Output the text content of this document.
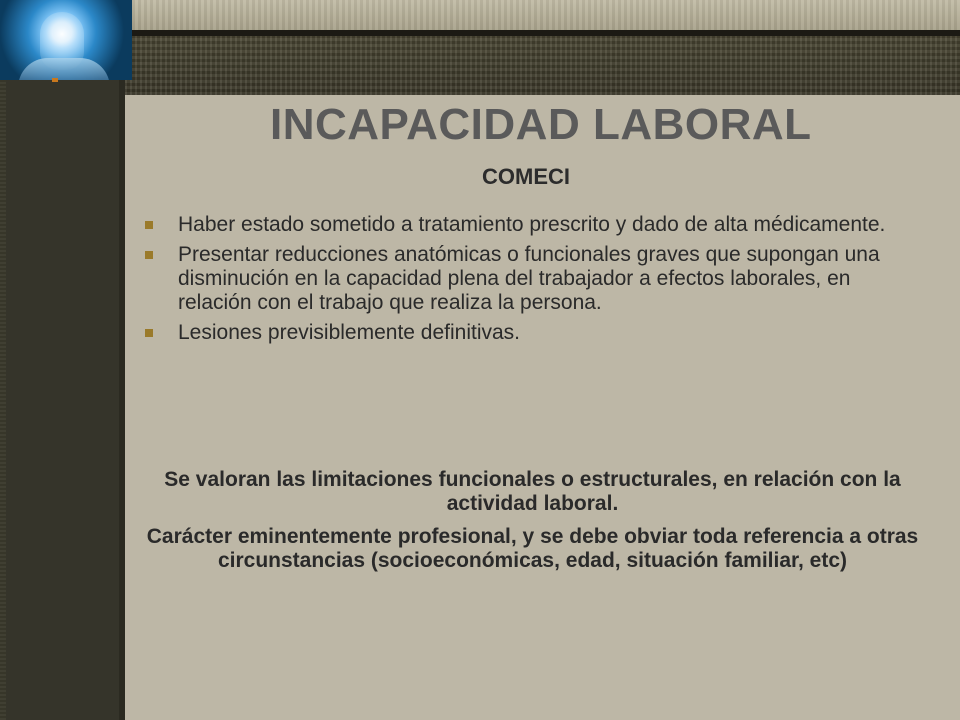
INCAPACIDAD LABORAL
COMECI
Haber estado sometido a tratamiento prescrito y dado de alta médicamente.
Presentar reducciones anatómicas o funcionales graves que supongan una disminución en la capacidad plena del trabajador a efectos laborales, en relación con el trabajo que realiza la persona.
Lesiones previsiblemente definitivas.

Se valoran las limitaciones funcionales o estructurales, en relación con la actividad laboral.

Carácter eminentemente profesional, y se debe obviar toda referencia a otras circunstancias (socioeconómicas, edad, situación familiar, etc)
